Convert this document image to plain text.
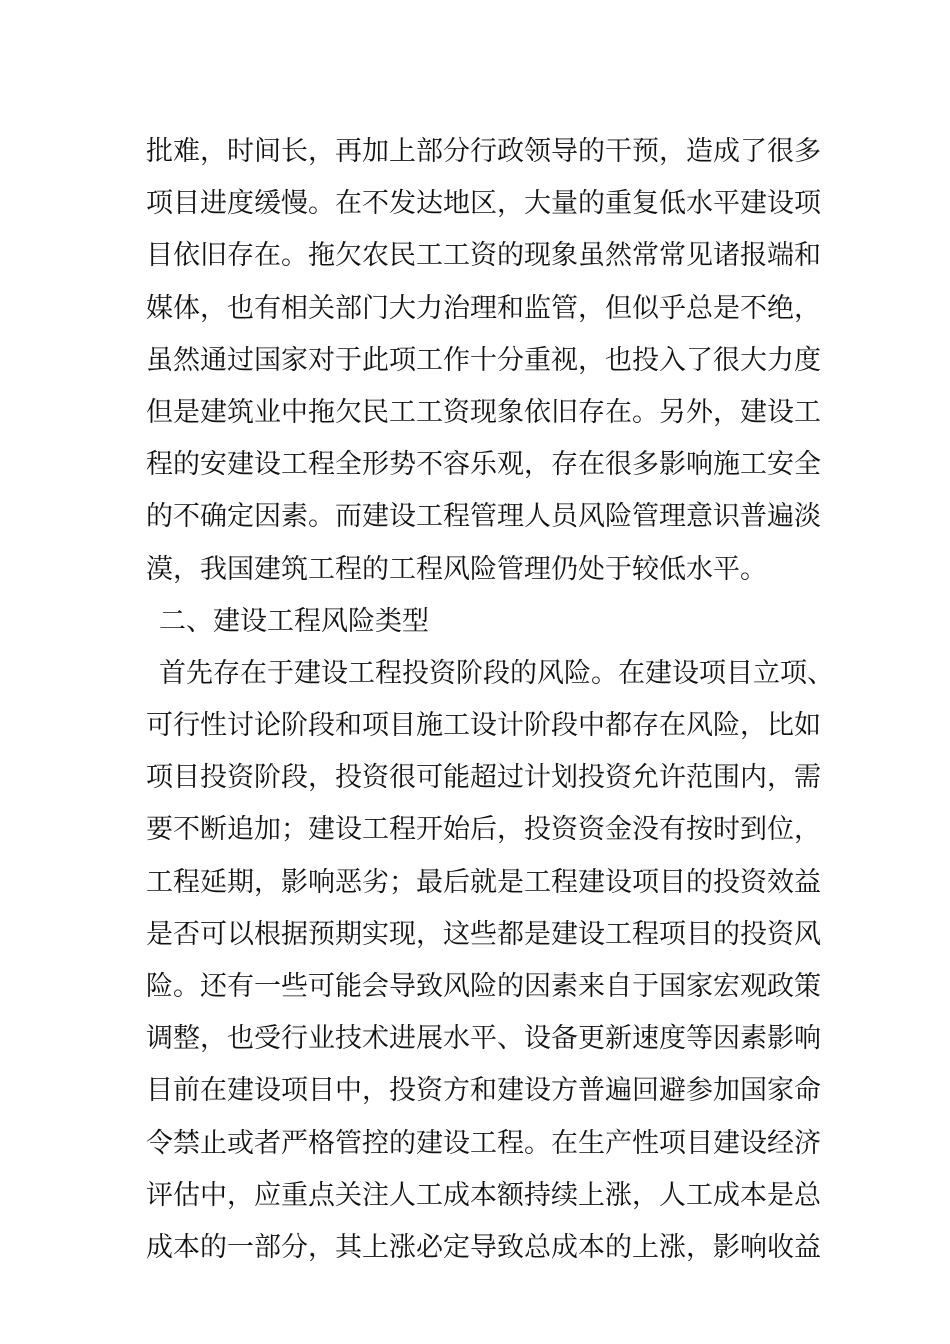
批难，时间长，再加上部分行政领导的干预，造成了很多
项目进度缓慢。在不发达地区，大量的重复低水平建设项
目依旧存在。拖欠农民工工资的现象虽然常常见诸报端和
媒体，也有相关部门大力治理和监管，但似乎总是不绝，
虽然通过国家对于此项工作十分重视，也投入了很大力度
但是建筑业中拖欠民工工资现象依旧存在。另外，建设工
程的安建设工程全形势不容乐观，存在很多影响施工安全
的不确定因素。而建设工程管理人员风险管理意识普遍淡
漠，我国建筑工程的工程风险管理仍处于较低水平。
二、建设工程风险类型
首先存在于建设工程投资阶段的风险。在建设项目立项、
可行性讨论阶段和项目施工设计阶段中都存在风险，比如
项目投资阶段，投资很可能超过计划投资允许范围内，需
要不断追加；建设工程开始后，投资资金没有按时到位，
工程延期，影响恶劣；最后就是工程建设项目的投资效益
是否可以根据预期实现，这些都是建设工程项目的投资风
险。还有一些可能会导致风险的因素来自于国家宏观政策
调整，也受行业技术进展水平、设备更新速度等因素影响
目前在建设项目中，投资方和建设方普遍回避参加国家命
令禁止或者严格管控的建设工程。在生产性项目建设经济
评估中，应重点关注人工成本额持续上涨，人工成本是总
成本的一部分，其上涨必定导致总成本的上涨，影响收益
